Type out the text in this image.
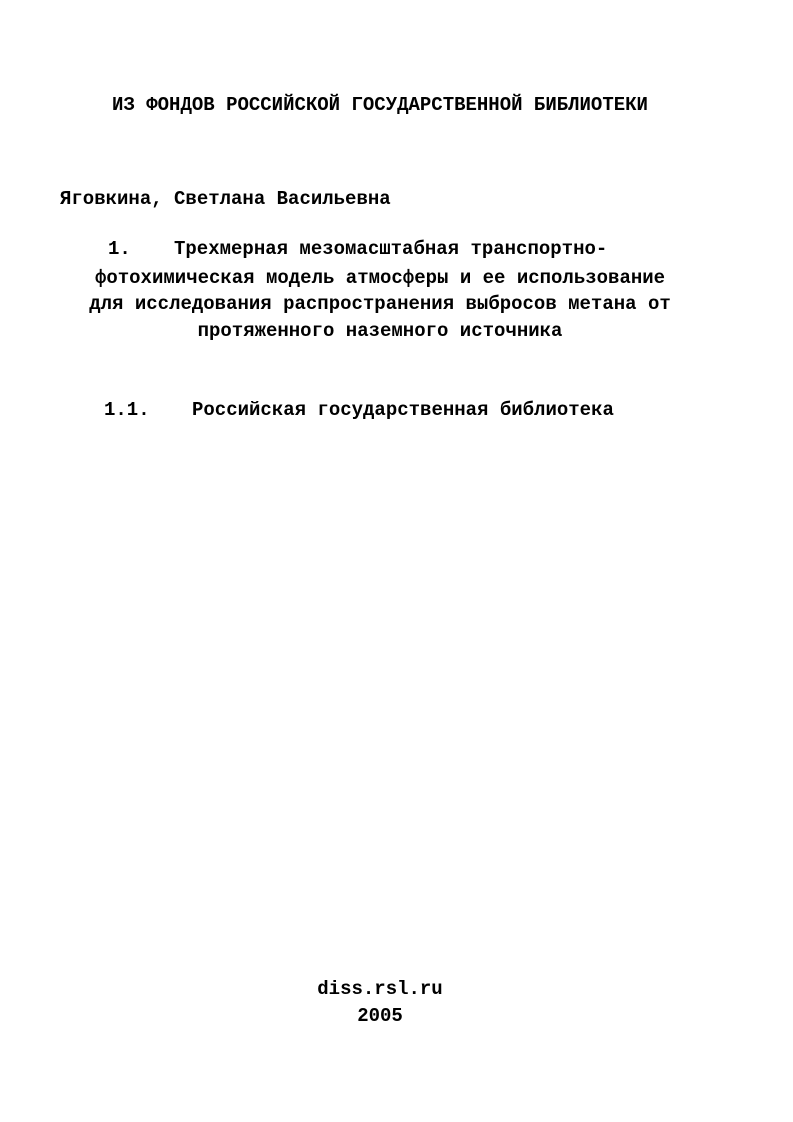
ИЗ ФОНДОВ РОССИЙСКОЙ ГОСУДАРСТВЕННОЙ БИБЛИОТЕКИ
Яговкина, Светлана Васильевна
1. Трехмерная мезомасштабная транспортно-
фотохимическая модель атмосферы и ее использование
для исследования распространения выбросов метана от
протяженного наземного источника
1.1. Российская государственная библиотека
diss.rsl.ru
2005
